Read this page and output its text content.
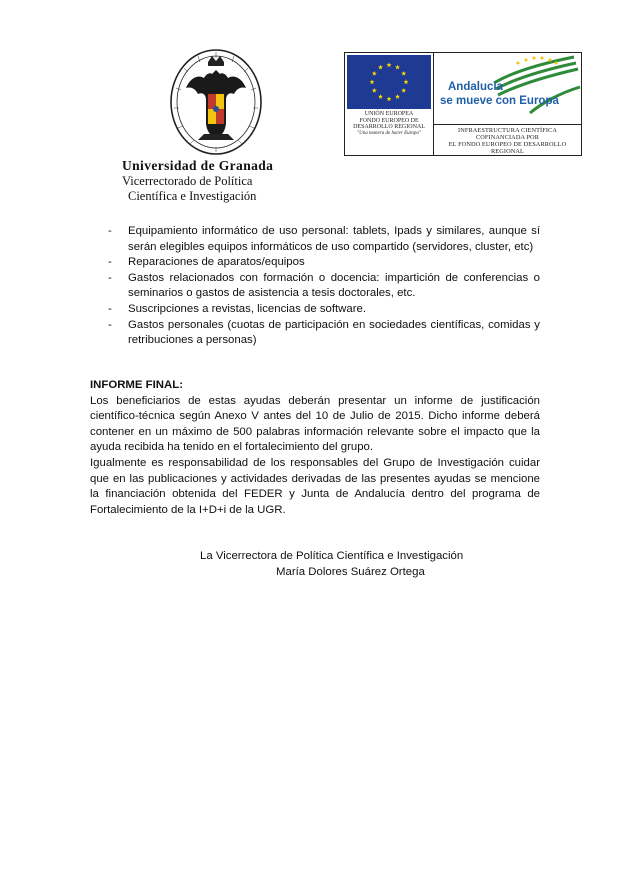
Universidad de Granada
Vicerrectorado de Política
Científica e Investigación
UNIÓN EUROPEA
FONDO EUROPEO DE
DESARROLLO REGIONAL
"Una manera de hacer Europa"
Andalucía
se mueve con Europa
INFRAESTRUCTURA CIENTÍFICA
COFINANCIADA POR
EL FONDO EUROPEO DE DESARROLLO
REGIONAL
- Equipamiento informático de uso personal: tablets, Ipads y similares, aunque sí serán elegibles equipos informáticos de uso compartido (servidores, cluster, etc)
- Reparaciones de aparatos/equipos
- Gastos relacionados con formación o docencia: impartición de conferencias o seminarios o gastos de asistencia a tesis doctorales, etc.
- Suscripciones a revistas, licencias de software.
- Gastos personales (cuotas de participación en sociedades científicas, comidas y retribuciones a personas)
INFORME FINAL:

Los beneficiarios de estas ayudas deberán presentar un informe de justificación científico-técnica según Anexo V antes del 10 de Julio de 2015. Dicho informe deberá contener en un máximo de 500 palabras información relevante sobre el impacto que la ayuda recibida ha tenido en el fortalecimiento del grupo.

Igualmente es responsabilidad de los responsables del Grupo de Investigación cuidar que en las publicaciones y actividades derivadas de las presentes ayudas se mencione la financiación obtenida del FEDER y Junta de Andalucía dentro del programa de Fortalecimiento de la I+D+i de la UGR.

La Vicerrectora de Política Científica e Investigación
María Dolores Suárez Ortega
